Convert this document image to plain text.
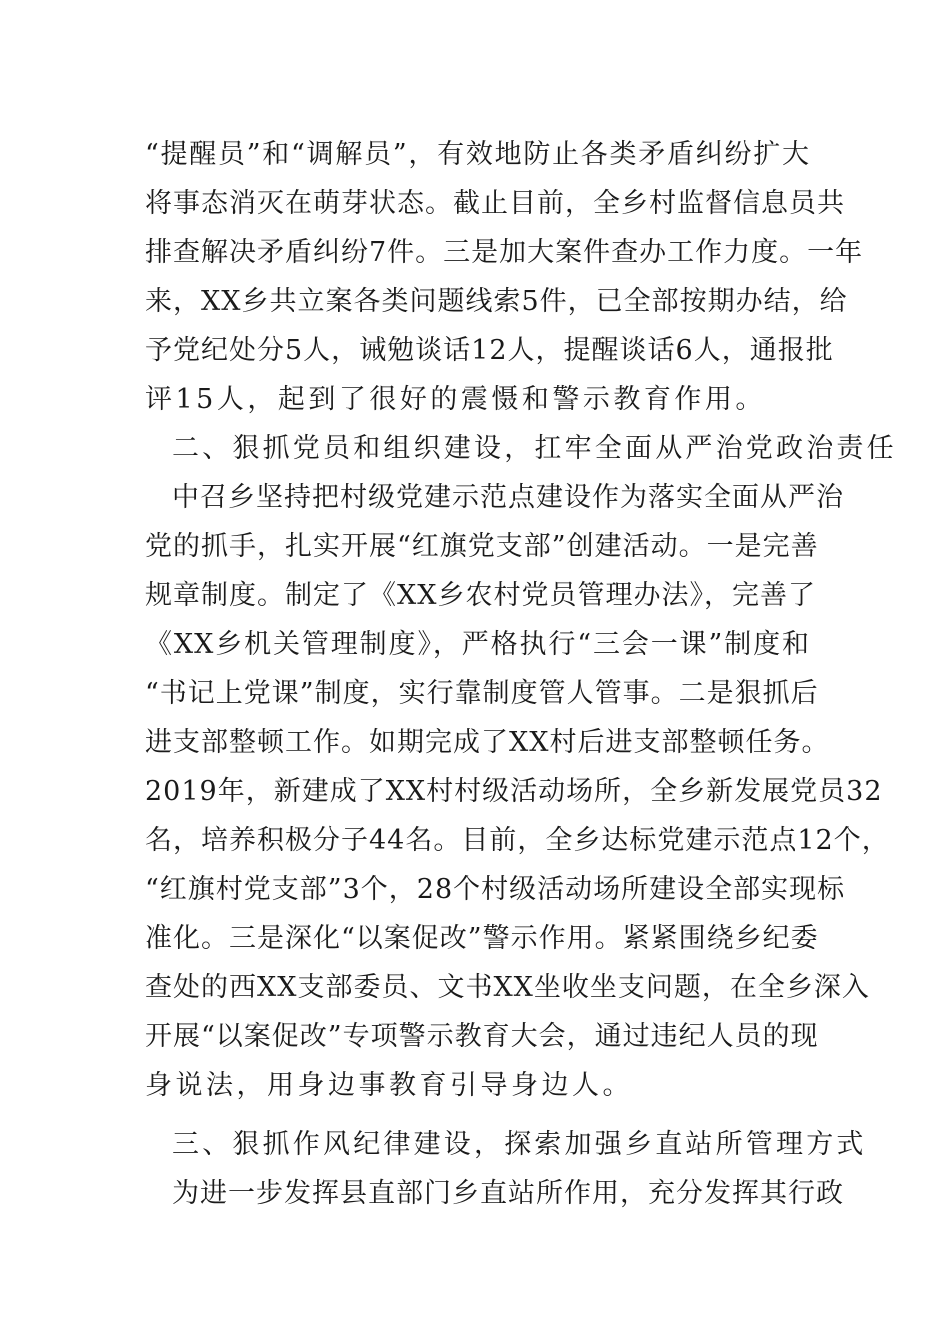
“提醒员”和“调解员”，有效地防止各类矛盾纠纷扩大
将事态消灭在萌芽状态。截止目前，全乡村监督信息员共
排查解决矛盾纠纷7件。三是加大案件查办工作力度。一年
来，XX乡共立案各类问题线索5件，已全部按期办结，给
予党纪处分5人，诫勉谈话12人，提醒谈话6人，通报批
评15人，起到了很好的震慑和警示教育作用。
二、狠抓党员和组织建设，扛牢全面从严治党政治责任
中召乡坚持把村级党建示范点建设作为落实全面从严治
党的抓手，扎实开展“红旗党支部”创建活动。一是完善
规章制度。制定了《XX乡农村党员管理办法》，完善了
《XX乡机关管理制度》，严格执行“三会一课”制度和
“书记上党课”制度，实行靠制度管人管事。二是狠抓后
进支部整顿工作。如期完成了XX村后进支部整顿任务。
2019年，新建成了XX村村级活动场所，全乡新发展党员32
名，培养积极分子44名。目前，全乡达标党建示范点12个，
“红旗村党支部”3个，28个村级活动场所建设全部实现标
准化。三是深化“以案促改”警示作用。紧紧围绕乡纪委
查处的西XX支部委员、文书XX坐收坐支问题，在全乡深入
开展“以案促改”专项警示教育大会，通过违纪人员的现
身说法，用身边事教育引导身边人。
三、狠抓作风纪律建设，探索加强乡直站所管理方式
为进一步发挥县直部门乡直站所作用，充分发挥其行政
